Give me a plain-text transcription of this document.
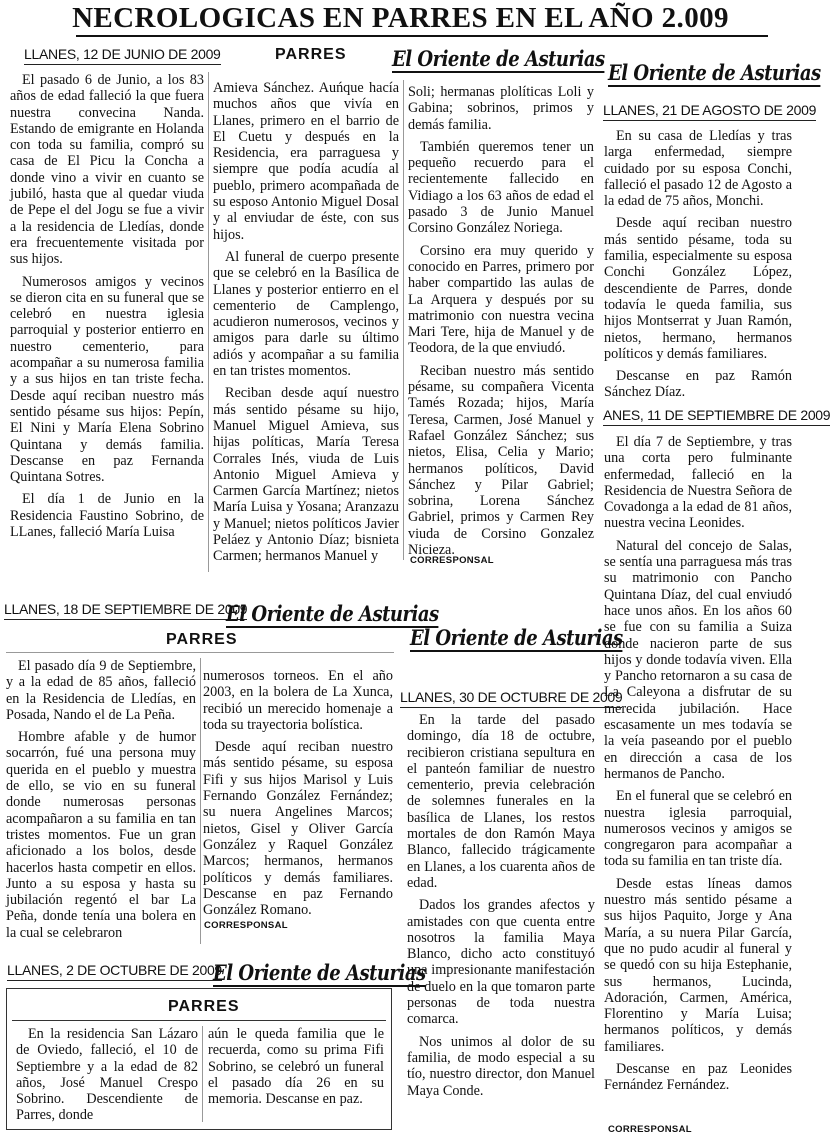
NECROLOGICAS EN PARRES EN EL AÑO 2.009
LLANES, 12 DE JUNIO DE 2009	PARRES El Oriente de Asturias

El pasado 6 de Junio, a los 83 años de edad falleció la que fuera nuestra convecina Nanda. Estando de emigrante en Holanda con toda su familia, compró su casa de El Picu la Concha a donde vino a vivir en cuanto se jubiló, hasta que al quedar viuda de Pepe el del Jogu se fue a vivir a la residencia de Lledías, donde era frecuentemente visitada por sus hijos.

Numerosos amigos y vecinos se dieron cita en su funeral que se celebró en nuestra iglesia parroquial y posterior entierro en nuestro cementerio, para acompañar a su numerosa familia y a sus hijos en tan triste fecha. Desde aquí reciban nuestro más sentido pésame sus hijos: Pepín, El Nini y María Elena Sobrino Quintana y demás familia. Descanse en paz Fernanda Quintana Sotres.

El día 1 de Junio en la Residencia Faustino Sobrino, de LLanes, falleció María Luisa

Amieva Sánchez. Auńque hacía muchos años que vivía en Llanes, primero en el barrio de El Cuetu y después en la Residencia, era parraguesa y siempre que podía acudía al pueblo, primero acompañada de su esposo Antonio Miguel Dosal y al enviudar de éste, con sus hijos.

Al funeral de cuerpo presente que se celebró en la Basílica de Llanes y posterior entierro en el cementerio de Camplengo, acudieron numerosos, vecinos y amigos para darle su último adiós y acompañar a su familia en tan tristes momentos.

Reciban desde aquí nuestro más sentido pésame su hijo, Manuel Miguel Amieva, sus hijas políticas, María Teresa Corrales Inés, viuda de Luis Antonio Miguel Amieva y Carmen García Martínez; nietos María Luisa y Yosana; Aranzazu y Manuel; nietos políticos Javier Peláez y Antonio Díaz; bisnieta Carmen; hermanos Manuel y

Soli; hermanas plolíticas Loli y Gabina; sobrinos, primos y demás familia.

También queremos tener un pequeño recuerdo para el recientemente fallecido en Vidiago a los 63 años de edad el pasado 3 de Junio Manuel Corsino González Noriega.

Corsino era muy querido y conocido en Parres, primero por haber compartido las aulas de La Arquera y después por su matrimonio con nuestra vecina Mari Tere, hija de Manuel y de Teodora, de la que enviudó.

Reciban nuestro más sentido pésame, su compañera Vicenta Tamés Rozada; hijos, María Teresa, Carmen, José Manuel y Rafael González Sánchez; sus nietos, Elisa, Celia y Mario; hermanos políticos, David Sánchez y Pilar Gabriel; sobrina, Lorena Sánchez Gabriel, primos y Carmen Rey viuda de Corsino Gonzalez Nicieza.

CORRESPONSAL
El Oriente de Asturias
LLANES, 21 DE AGOSTO DE 2009

En su casa de Lledías y tras larga enfermedad, siempre cuidado por su esposa Conchi, falleció el pasado 12 de Agosto a la edad de 75 años, Monchi.

Desde aquí reciban nuestro más sentido pésame, toda su familia, especialmente su esposa Conchi González López, descendiente de Parres, donde todavía le queda familia, sus hijos Montserrat y Juan Ramón, nietos, hermano, hermanos políticos y demás familiares.

Descanse en paz Ramón Sánchez Díaz.

ANES, 11 DE SEPTIEMBRE DE 2009

El día 7 de Septiembre, y tras una corta pero fulminante enfermedad, falleció en la Residencia de Nuestra Señora de Covadonga a la edad de 81 años, nuestra vecina Leonides.

Natural del concejo de Salas, se sentía una parraguesa más tras su matrimonio con Pancho Quintana Díaz, del cual enviudó hace unos años. En los años 60 se fue con su familia a Suiza donde nacieron parte de sus hijos y donde todavía viven. Ella y Pancho retornaron a su casa de La Caleyona a disfrutar de su merecida jubilación. Hace escasamente un mes todavía se la veía paseando por el pueblo en dirección a casa de los hermanos de Pancho.

En el funeral que se celebró en nuestra iglesia parroquial, numerosos vecinos y amigos se congregaron para acompañar a toda su familia en tan triste día.

Desde estas líneas damos nuestro más sentido pésame a sus hijos Paquito, Jorge y Ana María, a su nuera Pilar García, que no pudo acudir al funeral y se quedó con su hija Estephanie, sus hermanos, Lucinda, Adoración, Carmen, América, Florentino y María Luisa; hermanos políticos, y demás familiares.

Descanse en paz Leonides Fernández Fernández.

CORRESPONSAL
LLANES, 18 DE SEPTIEMBRE DE 2009
El Oriente de Asturias
PARRES

El pasado día 9 de Septiembre, y a la edad de 85 años, falleció en la Residencia de Lledías, en Posada, Nando el de La Peña.

Hombre afable y de humor socarrón, fué una persona muy querida en el pueblo y muestra de ello, se vio en su funeral donde numerosas personas acompañaron a su familia en tan tristes momentos. Fue un gran aficionado a los bolos, desde hacerlos hasta competir en ellos. Junto a su esposa y hasta su jubilación regentó el bar La Peña, donde tenía una bolera en la cual se celebraron

numerosos torneos. En el año 2003, en la bolera de La Xunca, recibió un merecido homenaje a toda su trayectoria bolística.

Desde aquí reciban nuestro más sentido pésame, su esposa Fifi y sus hijos Marisol y Luis Fernando González Fernández; su nuera Angelines Marcos; nietos, Gisel y Oliver García González y Raquel González Marcos; hermanos, hermanos políticos y demás familiares. Descanse en paz Fernando González Romano.

CORRESPONSAL
El Oriente de Asturias
LLANES, 30 DE OCTUBRE DE 2009

En la tarde del pasado domingo, día 18 de octubre, recibieron cristiana sepultura en el panteón familiar de nuestro cementerio, previa celebración de solemnes funerales en la basílica de Llanes, los restos mortales de don Ramón Maya Blanco, fallecido trágicamente en Llanes, a los cuarenta años de edad.

Dados los grandes afectos y amistades con que cuenta entre nosotros la familia Maya Blanco, dicho acto constituyó una impresionante manifestación de duelo en la que tomaron parte personas de toda nuestra comarca.

Nos unimos al dolor de su familia, de modo especial a su tío, nuestro director, don Manuel Maya Conde.

LLANES, 2 DE OCTUBRE DE 2009
El Oriente de Asturias
PARRES

En la residencia San Lázaro de Oviedo, falleció, el 10 de Septiembre y a la edad de 82 años, José Manuel Crespo Sobrino. Descendiente de Parres, donde

aún le queda familia que le recuerda, como su prima Fifi Sobrino, se celebró un funeral el pasado día 26 en su memoria. Descanse en paz.
